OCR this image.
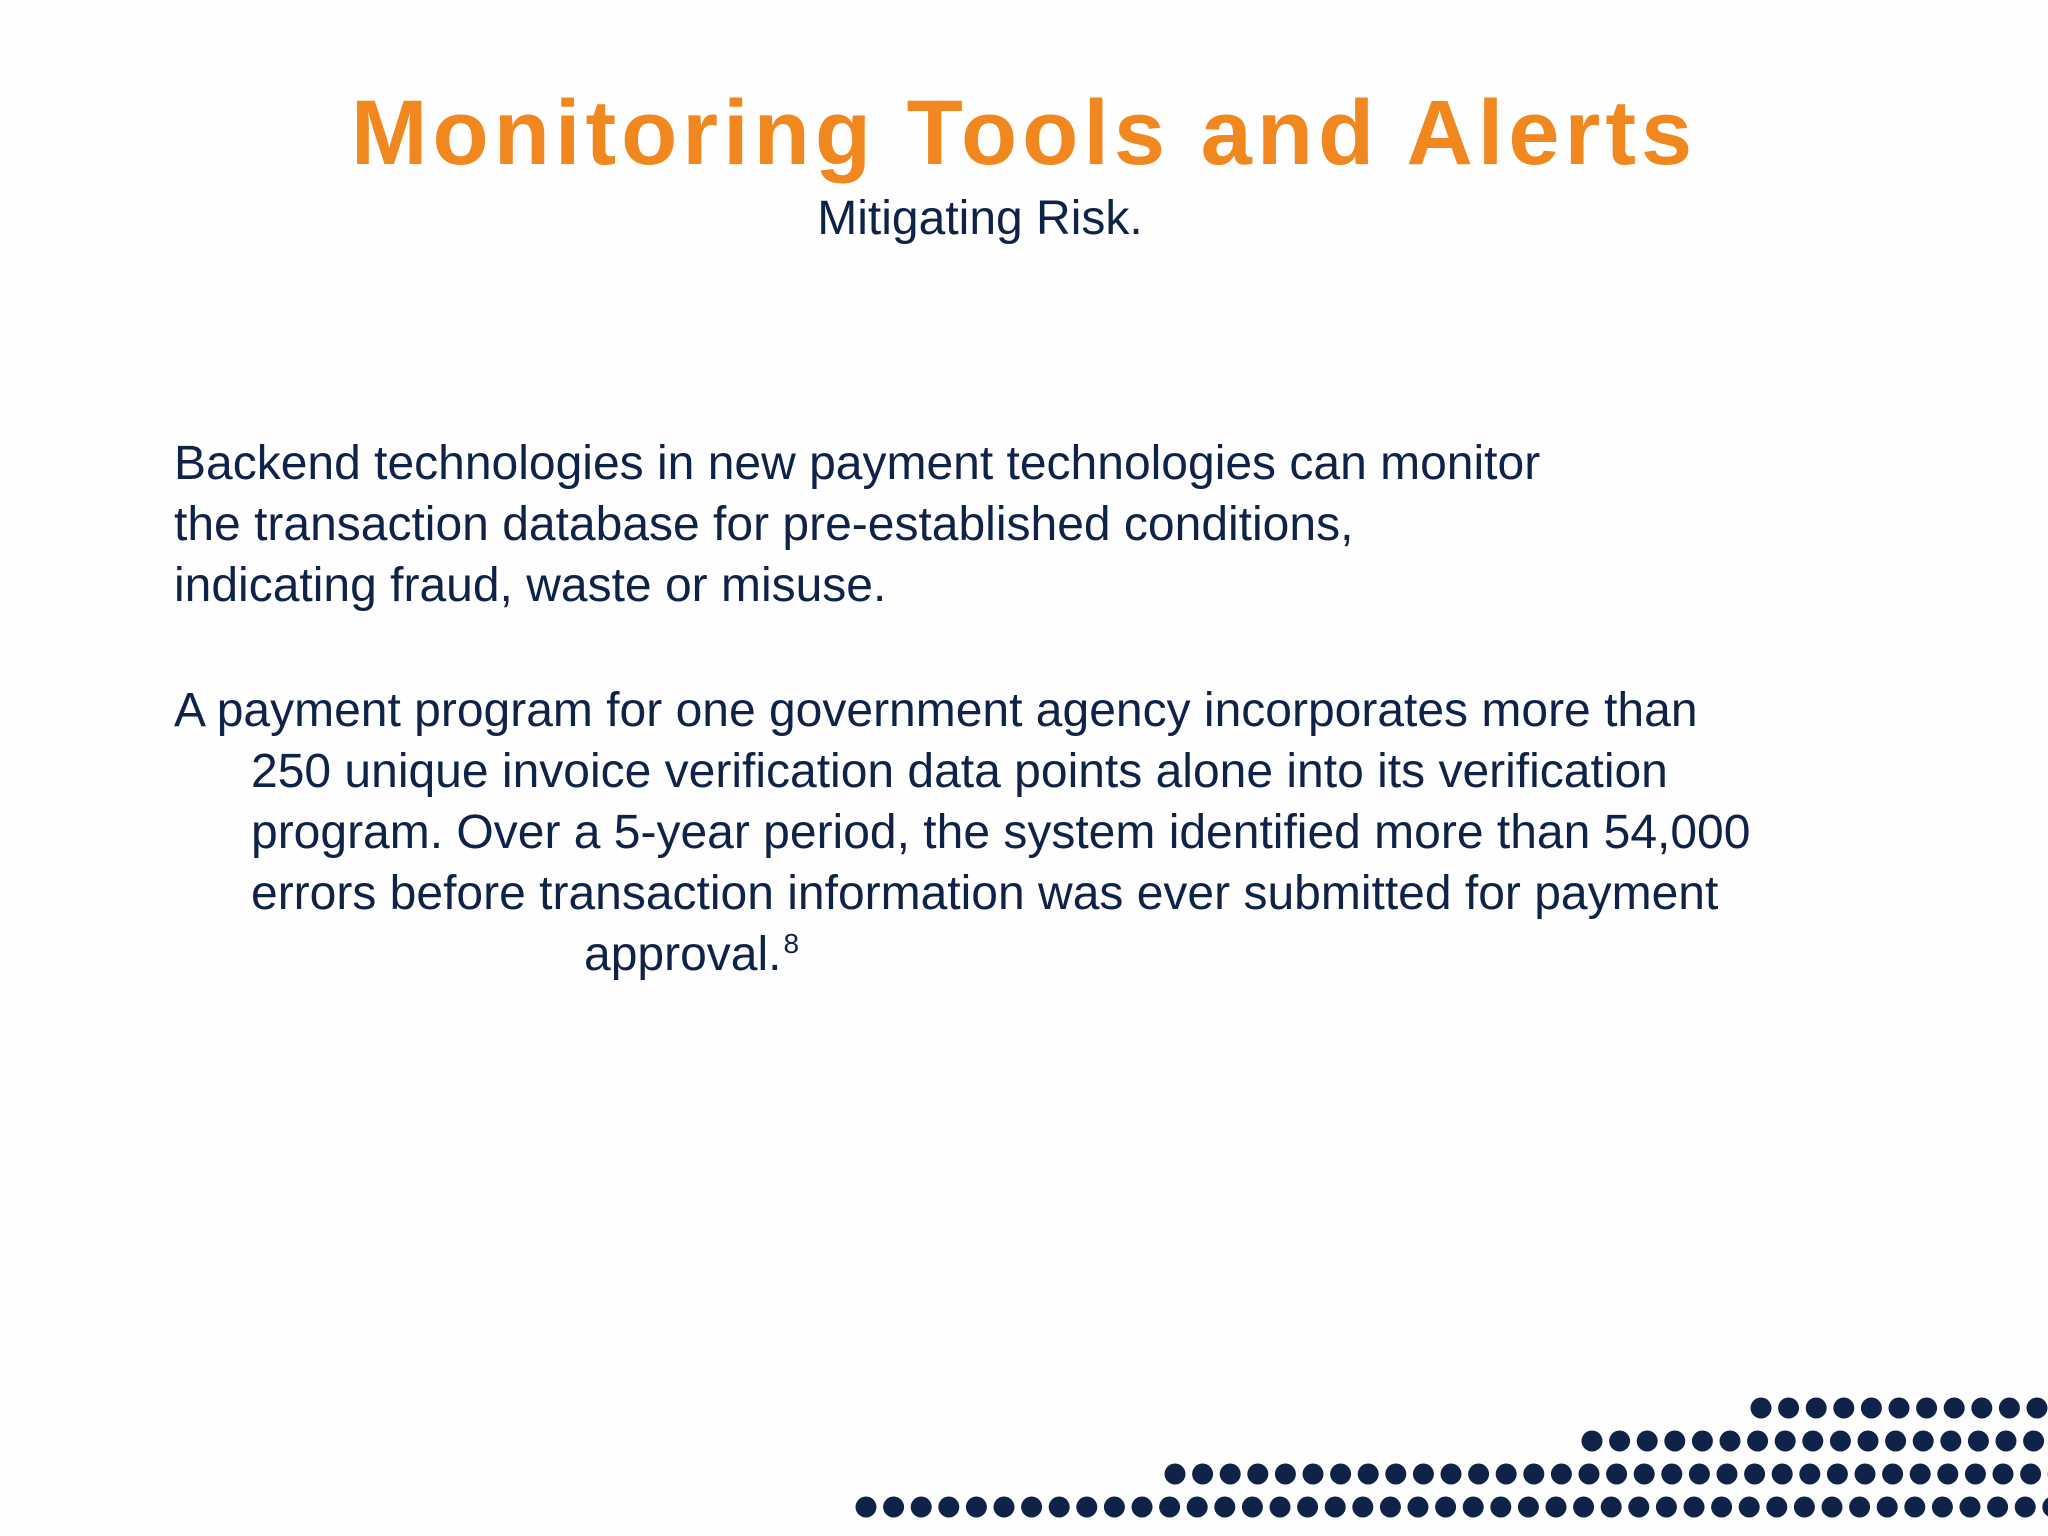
Monitoring Tools and Alerts

Mitigating Risk.

Backend technologies in new payment technologies can monitor
the transaction database for pre-established conditions,
indicating fraud, waste or misuse.
A payment program for one government agency incorporates more than
250 unique invoice verification data points alone into its verification
program. Over a 5-year period, the system identified more than 54,000
errors before transaction information was ever submitted for payment
approval.$^8$
